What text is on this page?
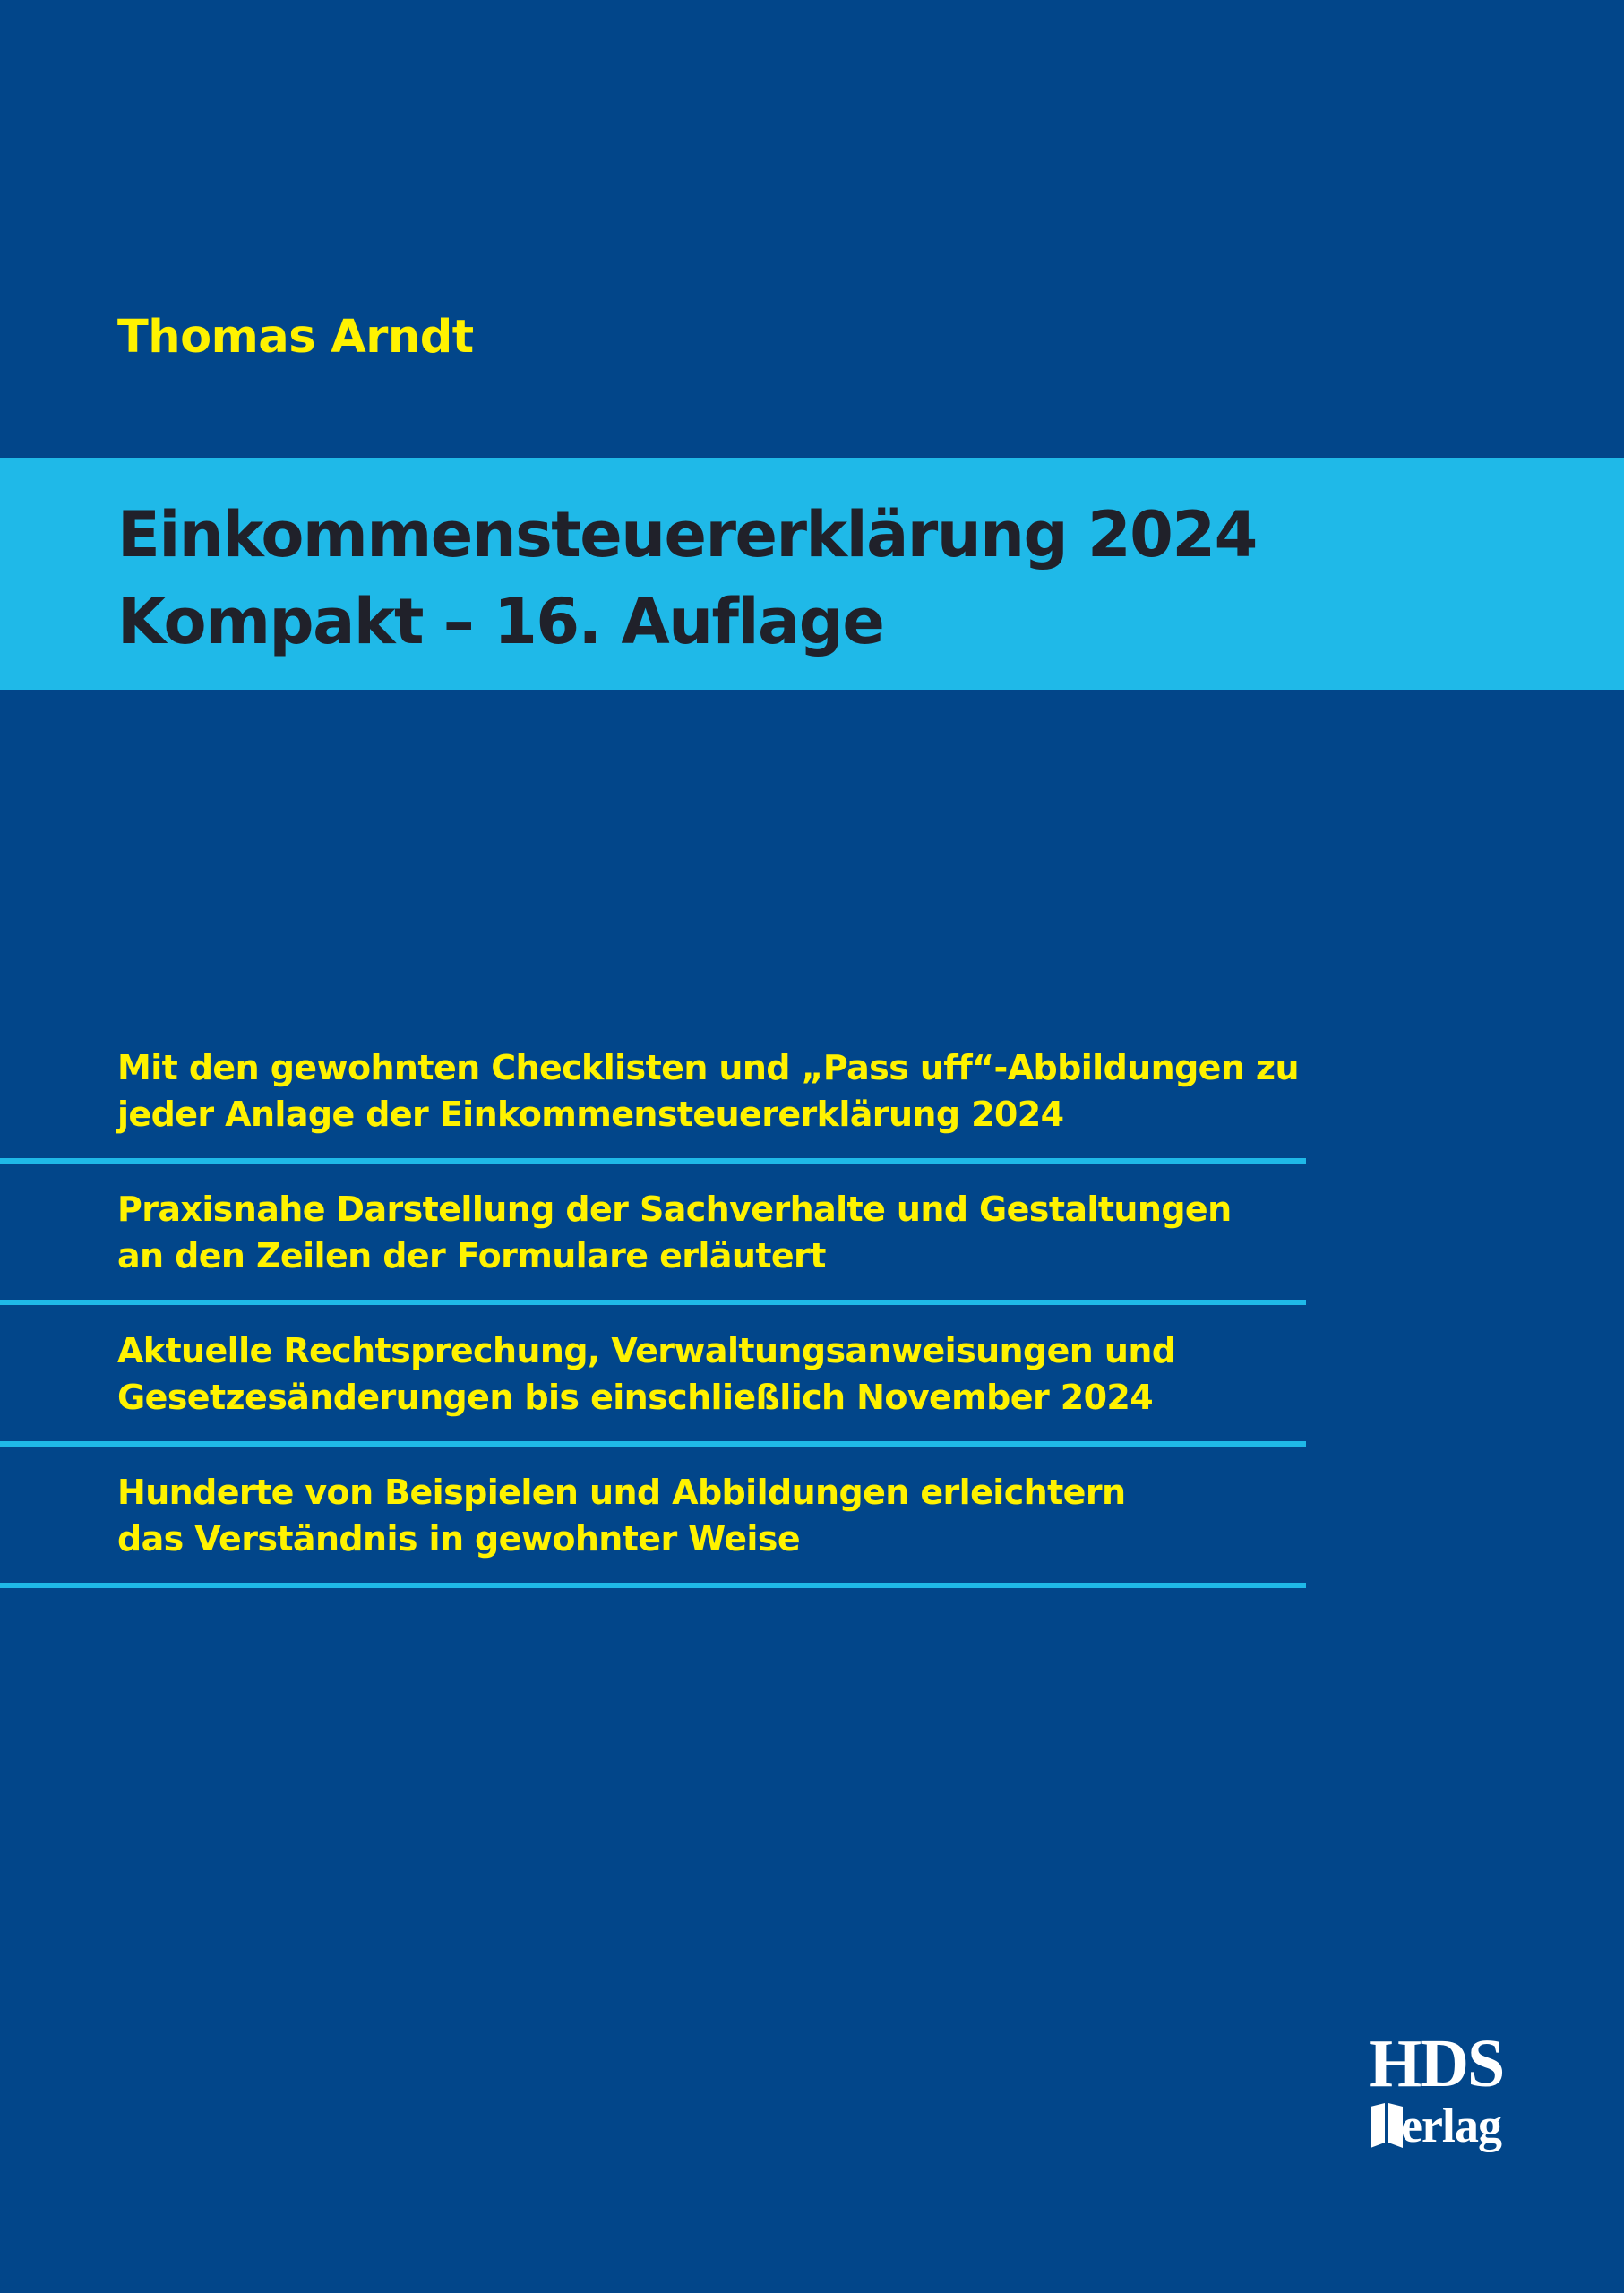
Thomas Arndt
Einkommensteuererklärung 2024
Kompakt – 16. Auflage
Mit den gewohnten Checklisten und „Pass uff“-Abbildungen zu
jeder Anlage der Einkommensteuererklärung 2024
Praxisnahe Darstellung der Sachverhalte und Gestaltungen
an den Zeilen der Formulare erläutert
Aktuelle Rechtsprechung, Verwaltungsanweisungen und
Gesetzesänderungen bis einschließlich November 2024
Hunderte von Beispielen und Abbildungen erleichtern
das Verständnis in gewohnter Weise
HDS
erlag
